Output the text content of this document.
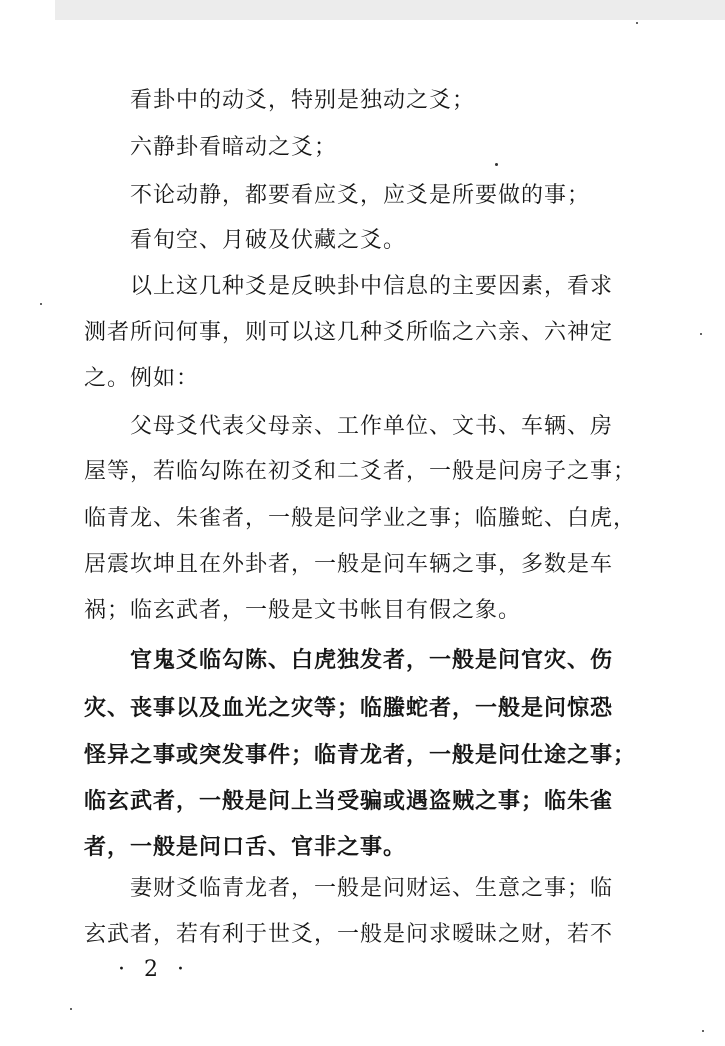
看卦中的动爻，特别是独动之爻；
六静卦看暗动之爻；
不论动静，都要看应爻，应爻是所要做的事；
看旬空、月破及伏藏之爻。
以上这几种爻是反映卦中信息的主要因素，看求
测者所问何事，则可以这几种爻所临之六亲、六神定
之。例如：
父母爻代表父母亲、工作单位、文书、车辆、房
屋等，若临勾陈在初爻和二爻者，一般是问房子之事；
临青龙、朱雀者，一般是问学业之事；临螣蛇、白虎，
居震坎坤且在外卦者，一般是问车辆之事，多数是车
祸；临玄武者，一般是文书帐目有假之象。
官鬼爻临勾陈、白虎独发者，一般是问官灾、伤
灾、丧事以及血光之灾等；临螣蛇者，一般是问惊恐
怪异之事或突发事件；临青龙者，一般是问仕途之事；
临玄武者，一般是问上当受骗或遇盗贼之事；临朱雀
者，一般是问口舌、官非之事。
妻财爻临青龙者，一般是问财运、生意之事；临
玄武者，若有利于世爻，一般是问求暧昧之财，若不
· 2 ·
